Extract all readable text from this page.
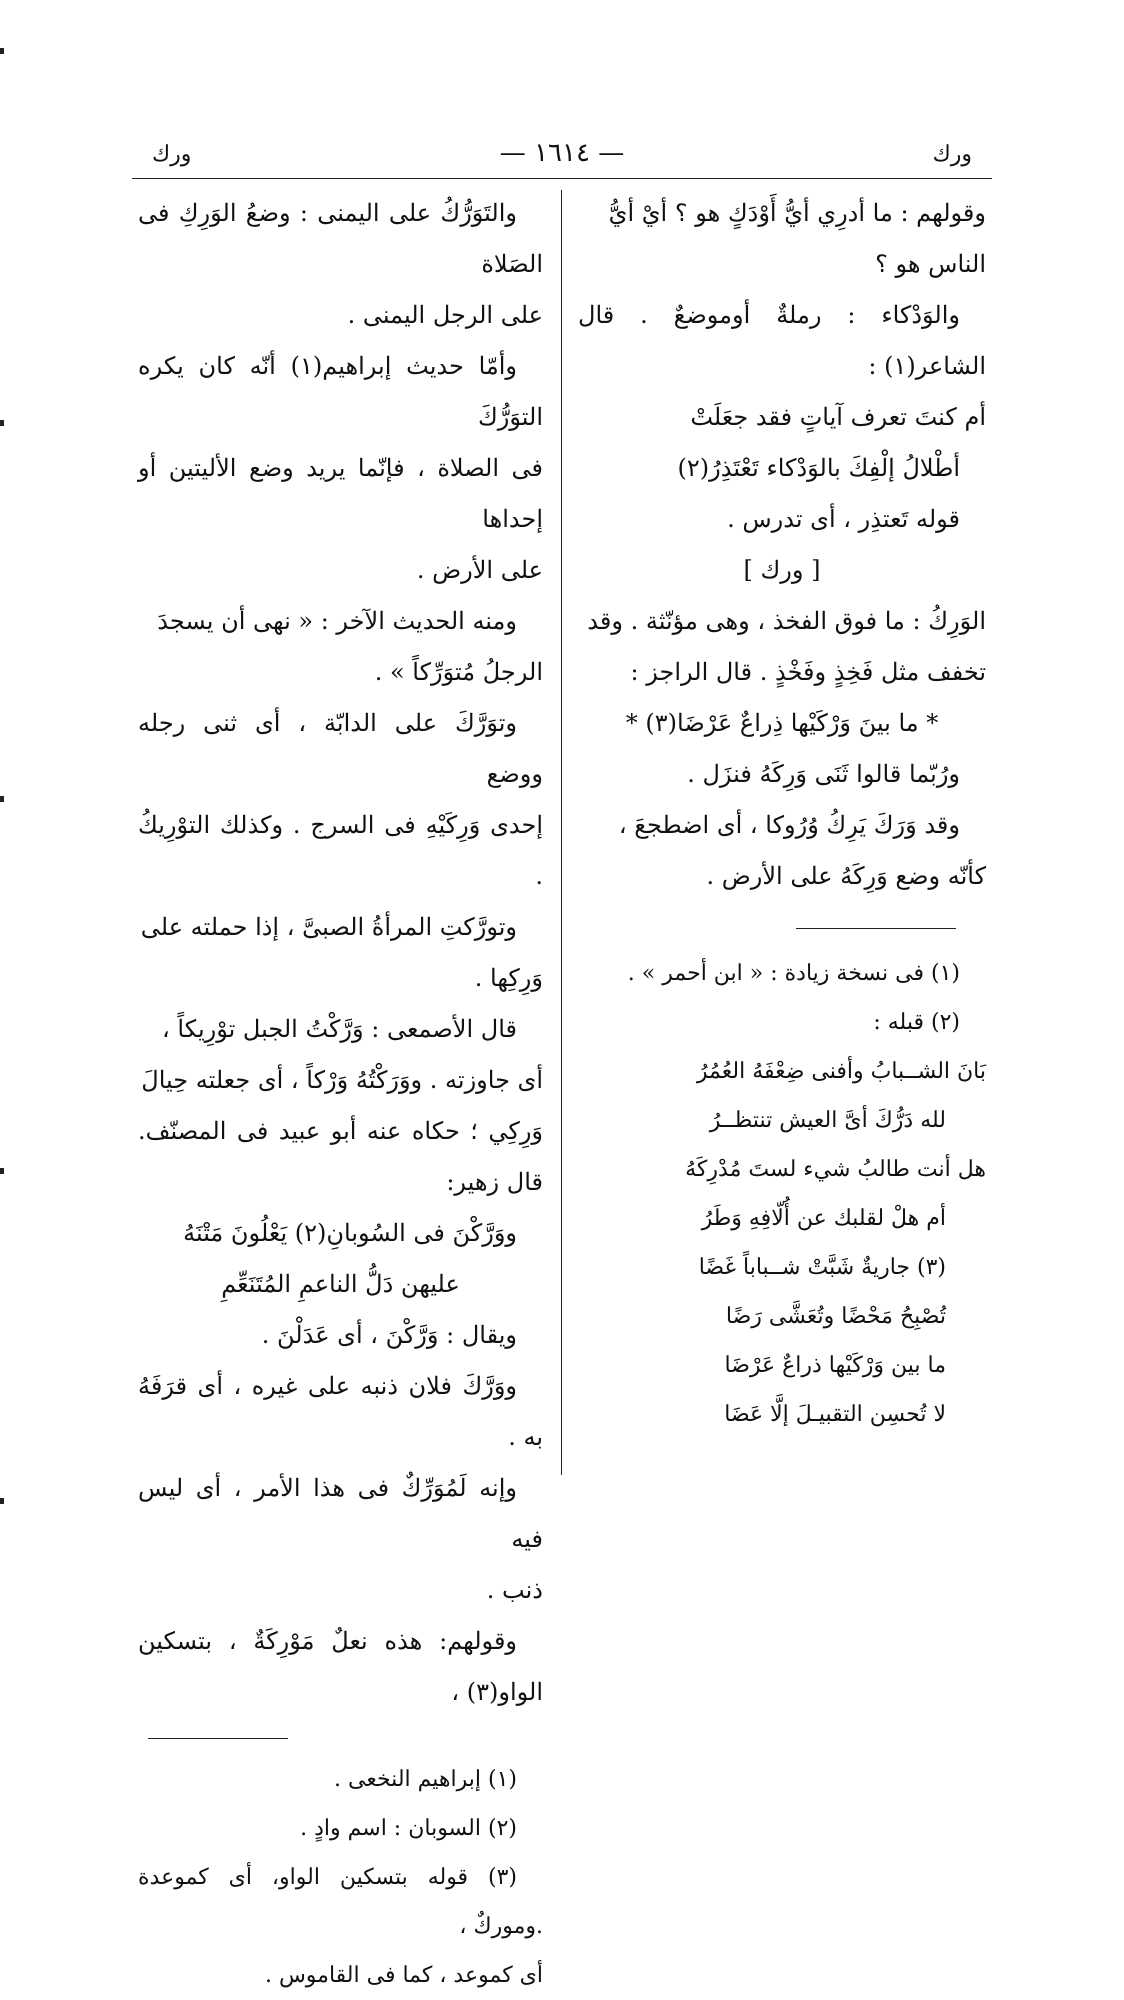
ورك
— ١٦١٤ —
ورك

وقولهم : ما أدرِي أيُّ أَوْدَكٍ هو ؟ أيْ أيُّ

الناس هو ؟

والوَدْكاء : رملةٌ أوموضعٌ . قال الشاعر(١) :

أم كنتَ تعرف آياتٍ فقد جعَلَتْ

أطْلالُ إلْفِكَ بالوَدْكاء تَعْتَذِرُ(٢)

قوله تَعتذِر ، أى تدرس .

[ ورك ]

الوَرِكُ : ما فوق الفخذ ، وهى مؤنّثة . وقد

تخفف مثل فَخِذٍ وفَخْذٍ . قال الراجز :

* ما بينَ وَرْكَيْها ذِراعٌ عَرْضَا(٣) *

ورُبّما قالوا ثَنَى وَرِكَهُ فنزَل .

وقد وَرَكَ يَرِكُ وُرُوكا ، أى اضطجعَ ،

كأنّه وضع وَرِكَهُ على الأرض .

(١) فى نسخة زيادة : « ابن أحمر » .

(٢) قبله :

بَانَ الشــبابُ وأفنى ضِعْفَهُ العُمُرُ

لله دَرُّكَ أىَّ العيش تنتظــرُ

هل أنت طالبُ شيء لستَ مُدْرِكَهُ

أم هلْ لقلبك عن أُلّافِهِ وَطَرُ

(٣) جاريةٌ شَبَّتْ شــباباً غَضًا

تُصْبِحُ مَحْضًا وتُعَشَّى رَضًا

ما بين وَرْكَيْها ذراعٌ عَرْضَا

لا تُحسِن التقبيـلَ إلَّا عَضَا

والتَوَرُّكُ على اليمنى : وضعُ الوَرِكِ فى الصَلاة

على الرجل اليمنى .

وأمّا حديث إبراهيم(١) أنّه كان يكره التوَرُّكَ

فى الصلاة ، فإنّما يريد وضع الأليتين أو إحداها

على الأرض .

ومنه الحديث الآخر : « نهى أن يسجدَ

الرجلُ مُتوَرِّكاً » .

وتوَرَّكَ على الدابّة ، أى ثنى رجله ووضع

إحدى وَرِكَيْهِ فى السرج . وكذلك التوْرِيكُ .

وتورَّكتِ المرأةُ الصبىَّ ، إذا حملته على

وَرِكِها .

قال الأصمعى : وَرَّكْتُ الجبل توْرِيكاً ،

أى جاوزته . ووَرَكْتُهُ وَرْكاً ، أى جعلته حِيالَ

وَرِكِي ؛ حكاه عنه أبو عبيد فى المصنّف. قال زهير:

ووَرَّكْنَ فى السُوبانِ(٢) يَعْلُونَ مَتْنَهُ

عليهن دَلُّ الناعمِ المُتَنَعِّمِ

ويقال : وَرَّكْنَ ، أى عَدَلْنَ .

ووَرَّكَ فلان ذنبه على غيره ، أى قرَفَهُ به .

وإنه لَمُوَرِّكٌ فى هذا الأمر ، أى ليس فيه

ذنب .

وقولهم: هذه نعلٌ مَوْرِكَةٌ ، بتسكين الواو(٣) ،

(١) إبراهيم النخعى .

(٢) السوبان : اسم وادٍ .

(٣) قوله بتسكين الواو، أى كموعدة .وموركٌ ،

أى كموعد ، كما فى القاموس .
